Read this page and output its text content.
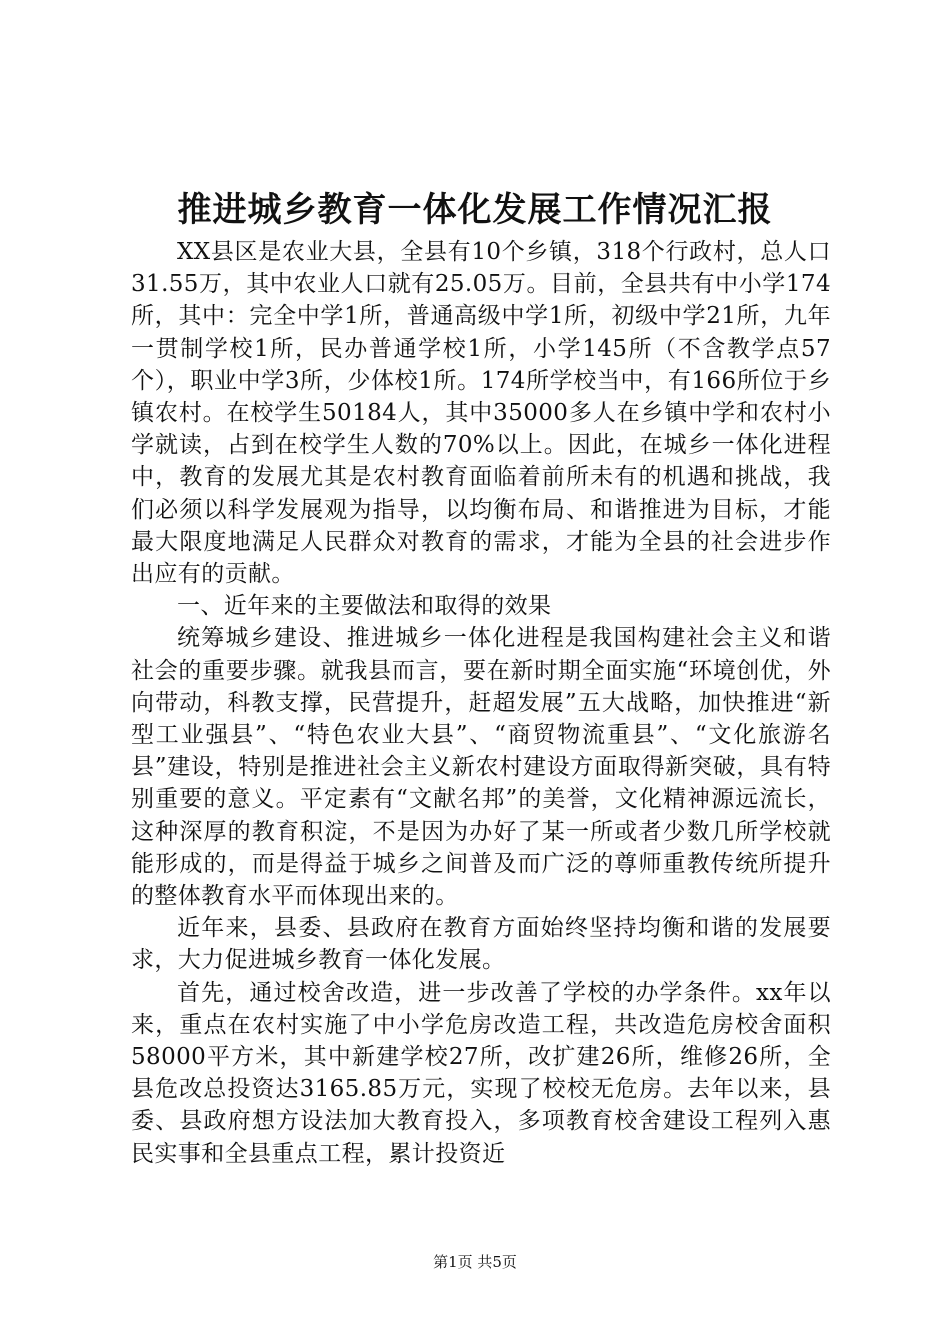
推进城乡教育一体化发展工作情况汇报

XX县区是农业大县，全县有10个乡镇，318个行政村，总人口31.55万，其中农业人口就有25.05万。目前，全县共有中小学174所，其中：完全中学1所，普通高级中学1所，初级中学21所，九年一贯制学校1所，民办普通学校1所，小学145所（不含教学点57个），职业中学3所，少体校1所。174所学校当中，有166所位于乡镇农村。在校学生50184人，其中35000多人在乡镇中学和农村小学就读，占到在校学生人数的70%以上。因此，在城乡一体化进程中，教育的发展尤其是农村教育面临着前所未有的机遇和挑战，我们必须以科学发展观为指导，以均衡布局、和谐推进为目标，才能最大限度地满足人民群众对教育的需求，才能为全县的社会进步作出应有的贡献。

一、近年来的主要做法和取得的效果

统筹城乡建设、推进城乡一体化进程是我国构建社会主义和谐社会的重要步骤。就我县而言，要在新时期全面实施“环境创优，外向带动，科教支撑，民营提升，赶超发展”五大战略，加快推进“新型工业强县”、“特色农业大县”、“商贸物流重县”、“文化旅游名县”建设，特别是推进社会主义新农村建设方面取得新突破，具有特别重要的意义。平定素有“文献名邦”的美誉，文化精神源远流长，这种深厚的教育积淀，不是因为办好了某一所或者少数几所学校就能形成的，而是得益于城乡之间普及而广泛的尊师重教传统所提升的整体教育水平而体现出来的。

近年来，县委、县政府在教育方面始终坚持均衡和谐的发展要求，大力促进城乡教育一体化发展。

首先，通过校舍改造，进一步改善了学校的办学条件。xx年以来，重点在农村实施了中小学危房改造工程，共改造危房校舍面积58000平方米，其中新建学校27所，改扩建26所，维修26所，全县危改总投资达3165.85万元，实现了校校无危房。去年以来，县委、县政府想方设法加大教育投入，多项教育校舍建设工程列入惠民实事和全县重点工程，累计投资近

第1页 共5页
